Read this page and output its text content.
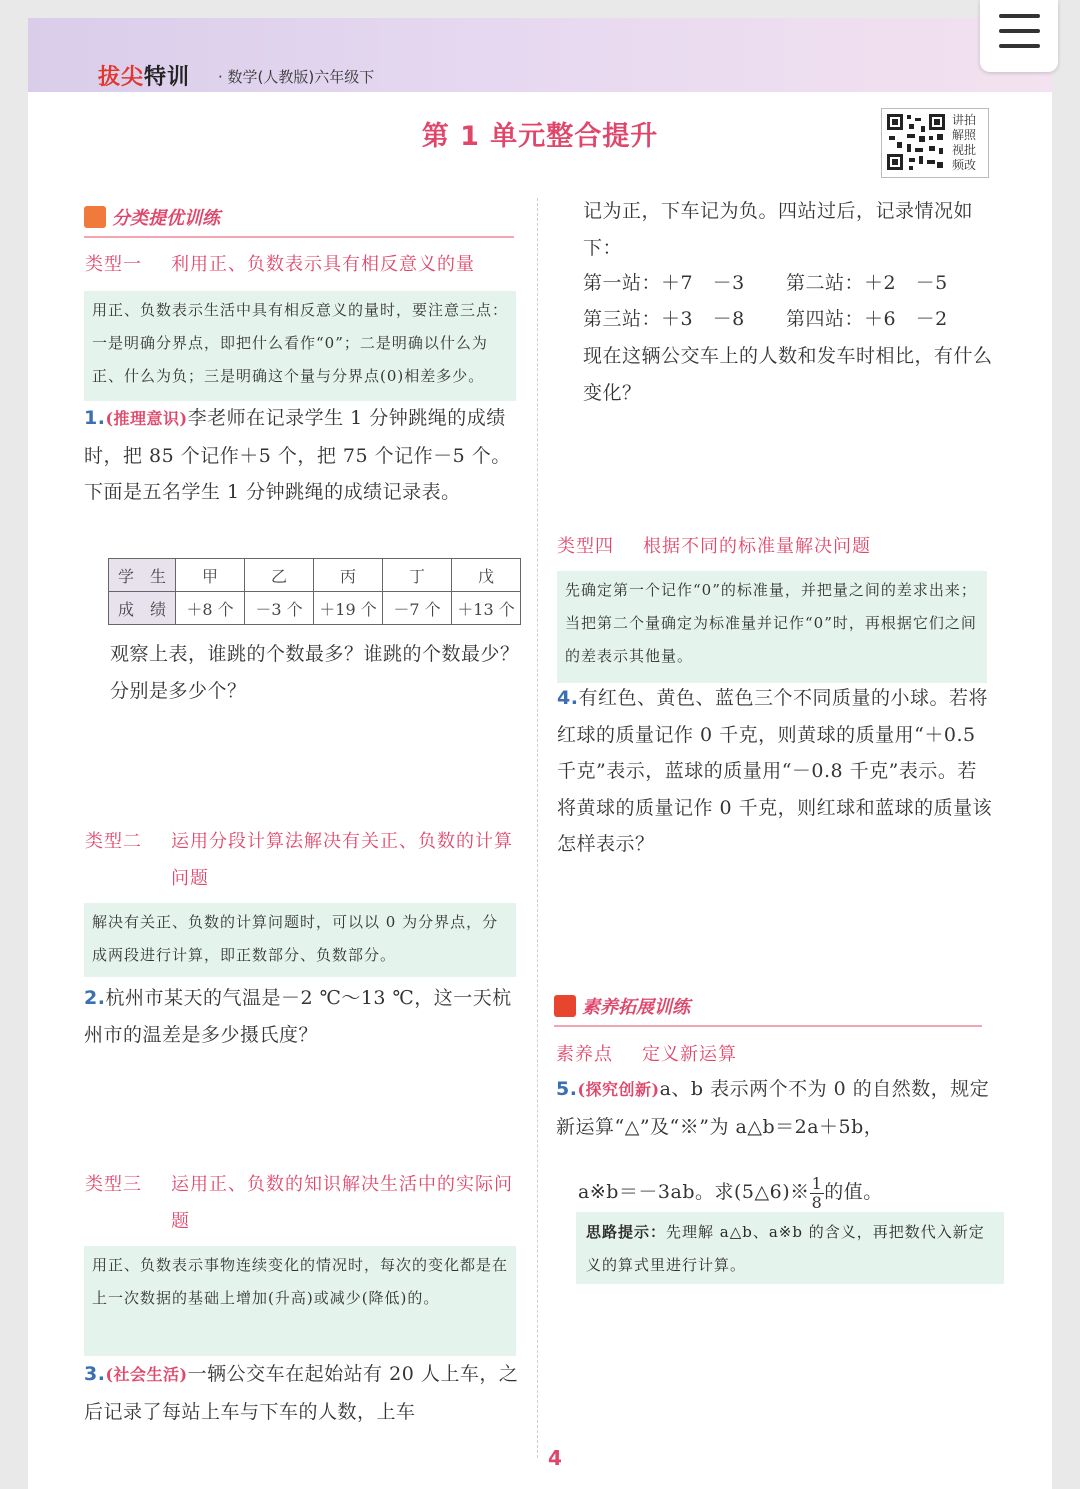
拔尖特训 · 数学(人教版)六年级下
第 1 单元整合提升
讲拍
解照
视批
频改
分类提优训练
类型一 利用正、负数表示具有相反意义的量
用正、负数表示生活中具有相反意义的量时，要注意三点：一是明确分界点，即把什么看作“0”；二是明确以什么为正、什么为负；三是明确这个量与分界点(0)相差多少。
1.(推理意识)李老师在记录学生 1 分钟跳绳的成绩时，把 85 个记作＋5 个，把 75 个记作－5 个。下面是五名学生 1 分钟跳绳的成绩记录表。
学　生	甲	乙	丙	丁	戊
成　绩	＋8 个	－3 个	＋19 个	－7 个	＋13 个
观察上表，谁跳的个数最多？谁跳的个数最少？分别是多少个？
类型二 运用分段计算法解决有关正、负数的计算问题
解决有关正、负数的计算问题时，可以以 0 为分界点，分成两段进行计算，即正数部分、负数部分。
2.杭州市某天的气温是－2 ℃～13 ℃，这一天杭州市的温差是多少摄氏度？
类型三 运用正、负数的知识解决生活中的实际问题
用正、负数表示事物连续变化的情况时，每次的变化都是在上一次数据的基础上增加(升高)或减少(降低)的。
3.(社会生活)一辆公交车在起始站有 20 人上车，之后记录了每站上车与下车的人数，上车
记为正，下车记为负。四站过后，记录情况如下：
第一站：＋7　－3	第二站：＋2　－5
第三站：＋3　－8	第四站：＋6　－2
现在这辆公交车上的人数和发车时相比，有什么变化？
类型四 根据不同的标准量解决问题
先确定第一个记作“0”的标准量，并把量之间的差求出来；当把第二个量确定为标准量并记作“0”时，再根据它们之间的差表示其他量。
4.有红色、黄色、蓝色三个不同质量的小球。若将红球的质量记作 0 千克，则黄球的质量用“＋0.5 千克”表示，蓝球的质量用“－0.8 千克”表示。若将黄球的质量记作 0 千克，则红球和蓝球的质量该怎样表示？
素养拓展训练
素养点 定义新运算
5.(探究创新)a、b 表示两个不为 0 的自然数，规定新运算“△”及“※”为 a△b＝2a＋5b，
a※b＝－3ab。求(5△6)※ $\frac{1}{8}$ 的值。
思路提示：先理解 a△b、a※b 的含义，再把数代入新定义的算式里进行计算。
4
